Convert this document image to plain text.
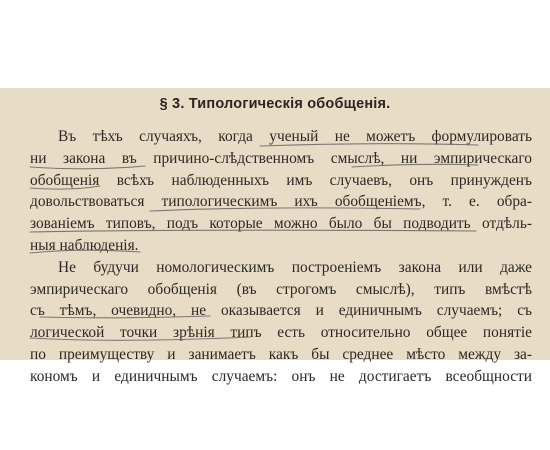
§ 3. Типологическія обобщенія.
Въ тѣхъ случаяхъ, когда ученый не можетъ формулировать
ни закона въ причино-слѣдственномъ смыслѣ, ни эмпирическаго
обобщенія всѣхъ наблюденныхъ имъ случаевъ, онъ принужденъ
довольствоваться типологическимъ ихъ обобщеніемъ, т. е. обра-
зованіемъ типовъ, подъ которые можно было бы подводить отдѣль-
ныя наблюденія.
Не будучи номологическимъ построеніемъ закона или даже
эмпирическаго обобщенія (въ строгомъ смыслѣ), типъ вмѣстѣ
съ тѣмъ, очевидно, не оказывается и единичнымъ случаемъ; съ
логической точки зрѣнія типъ есть относительно общее понятіе
по преимуществу и занимаетъ какъ бы среднее мѣсто между за-
кономъ и единичнымъ случаемъ: онъ не достигаетъ всеобщности
